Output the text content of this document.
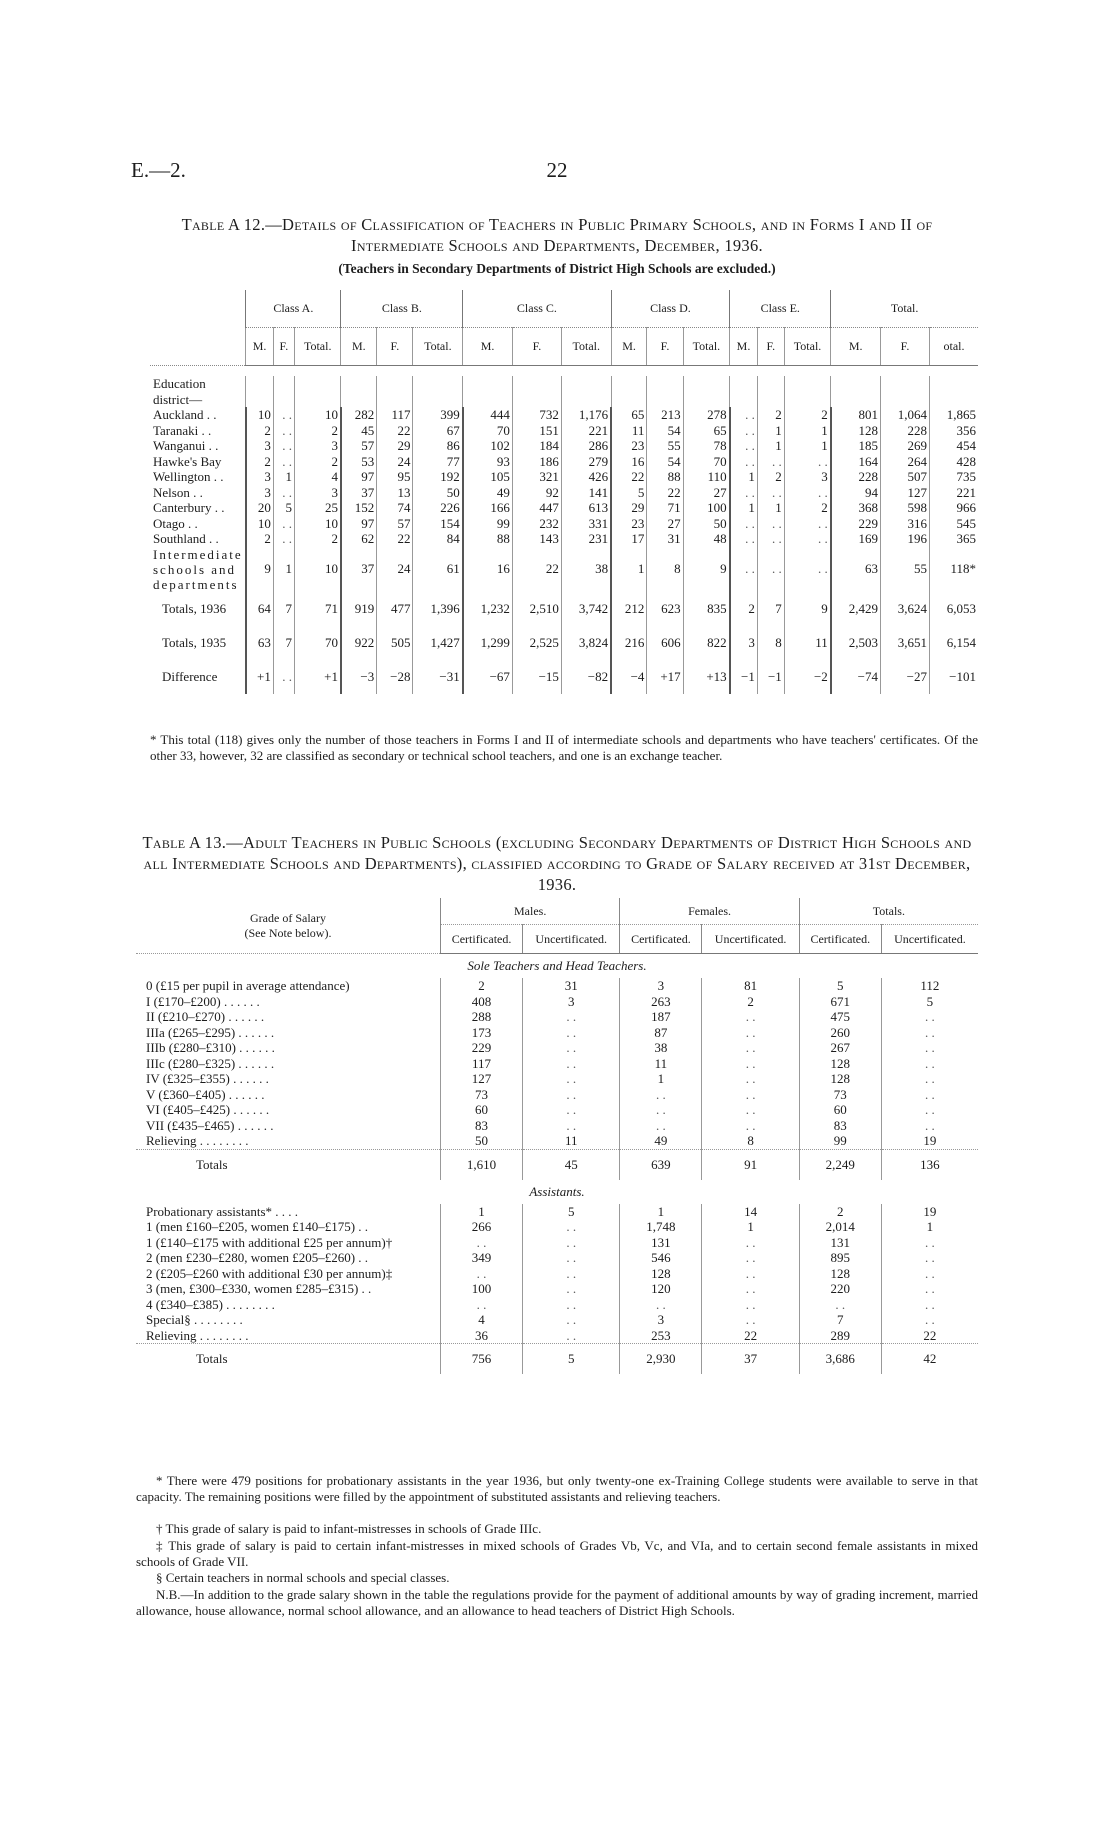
E.—2.	22
Table A 12.—Details of Classification of Teachers in Public Primary Schools, and in Forms I and II of Intermediate Schools and Departments, December, 1936.
(Teachers in Secondary Departments of District High Schools are excluded.)
	Class A.			Class B.			Class C.			Class D.			Class E.			Total.		
	M.	F.	Total.	M.	F.	Total.	M.	F.	Total.	M.	F.	Total.	M.	F.	Total.	M.	F.	otal.

Education district—																		
Auckland . .	10	. .	10	282	117	399	444	732	1,176	65	213	278	. .	2	2	801	1,064	1,865
Taranaki . .	2	. .	2	45	22	67	70	151	221	11	54	65	. .	1	1	128	228	356
Wanganui . .	3	. .	3	57	29	86	102	184	286	23	55	78	. .	1	1	185	269	454
Hawke's Bay	2	. .	2	53	24	77	93	186	279	16	54	70	. .	. .	. .	164	264	428
Wellington . .	3	1	4	97	95	192	105	321	426	22	88	110	1	2	3	228	507	735
Nelson . .	3	. .	3	37	13	50	49	92	141	5	22	27	. .	. .	. .	94	127	221
Canterbury . .	20	5	25	152	74	226	166	447	613	29	71	100	1	1	2	368	598	966
Otago . .	10	. .	10	97	57	154	99	232	331	23	27	50	. .	. .	. .	229	316	545
Southland . .	2	. .	2	62	22	84	88	143	231	17	31	48	. .	. .	. .	169	196	365
Intermediate schools and departments	9	1	10	37	24	61	16	22	38	1	8	9	. .	. .	. .	63	55	118*
Totals, 1936	64	7	71	919	477	1,396	1,232	2,510	3,742	212	623	835	2	7	9	2,429	3,624	6,053
Totals, 1935	63	7	70	922	505	1,427	1,299	2,525	3,824	216	606	822	3	8	11	2,503	3,651	6,154
Difference	+1	. .	+1	−3	−28	−31	−67	−15	−82	−4	+17	+13	−1	−1	−2	−74	−27	−101
* This total (118) gives only the number of those teachers in Forms I and II of intermediate schools and departments who have teachers' certificates. Of the other 33, however, 32 are classified as secondary or technical school teachers, and one is an exchange teacher.
Table A 13.—Adult Teachers in Public Schools (excluding Secondary Departments of District High Schools and all Intermediate Schools and Departments), classified according to Grade of Salary received at 31st December, 1936.
Grade of Salary
(See Note below).	Males.		Females.		Totals.	
	Certificated.	Uncertificated.	Certificated.	Uncertificated.	Certificated.	Uncertificated.
Sole Teachers and Head Teachers.						
0 (£15 per pupil in average attendance)	2	31	3	81	5	112
I (£170–£200) . . . . . .	408	3	263	2	671	5
II (£210–£270) . . . . . .	288	. .	187	. .	475	. .
IIIa (£265–£295) . . . . . .	173	. .	87	. .	260	. .
IIIb (£280–£310) . . . . . .	229	. .	38	. .	267	. .
IIIc (£280–£325) . . . . . .	117	. .	11	. .	128	. .
IV (£325–£355) . . . . . .	127	. .	1	. .	128	. .
V (£360–£405) . . . . . .	73	. .	. .	. .	73	. .
VI (£405–£425) . . . . . .	60	. .	. .	. .	60	. .
VII (£435–£465) . . . . . .	83	. .	. .	. .	83	. .
Relieving . . . . . . . .	50	11	49	8	99	19
Totals	1,610	45	639	91	2,249	136
Assistants.						
Probationary assistants* . . . .	1	5	1	14	2	19
1 (men £160–£205, women £140–£175) . .	266	. .	1,748	1	2,014	1
1 (£140–£175 with additional £25 per annum)†	. .	. .	131	. .	131	. .
2 (men £230–£280, women £205–£260) . .	349	. .	546	. .	895	. .
2 (£205–£260 with additional £30 per annum)‡	. .	. .	128	. .	128	. .
3 (men, £300–£330, women £285–£315) . .	100	. .	120	. .	220	. .
4 (£340–£385) . . . . . . . .	. .	. .	. .	. .	. .	. .
Special§ . . . . . . . .	4	. .	3	. .	7	. .
Relieving . . . . . . . .	36	. .	253	22	289	22
Totals	756	5	2,930	37	3,686	42
* There were 479 positions for probationary assistants in the year 1936, but only twenty-one ex-Training College students were available to serve in that capacity. The remaining positions were filled by the appointment of substituted assistants and relieving teachers.
† This grade of salary is paid to infant-mistresses in schools of Grade IIIc.
‡ This grade of salary is paid to certain infant-mistresses in mixed schools of Grades Vb, Vc, and VIa, and to certain second female assistants in mixed schools of Grade VII.
§ Certain teachers in normal schools and special classes.
N.B.—In addition to the grade salary shown in the table the regulations provide for the payment of additional amounts by way of grading increment, married allowance, house allowance, normal school allowance, and an allowance to head teachers of District High Schools.
